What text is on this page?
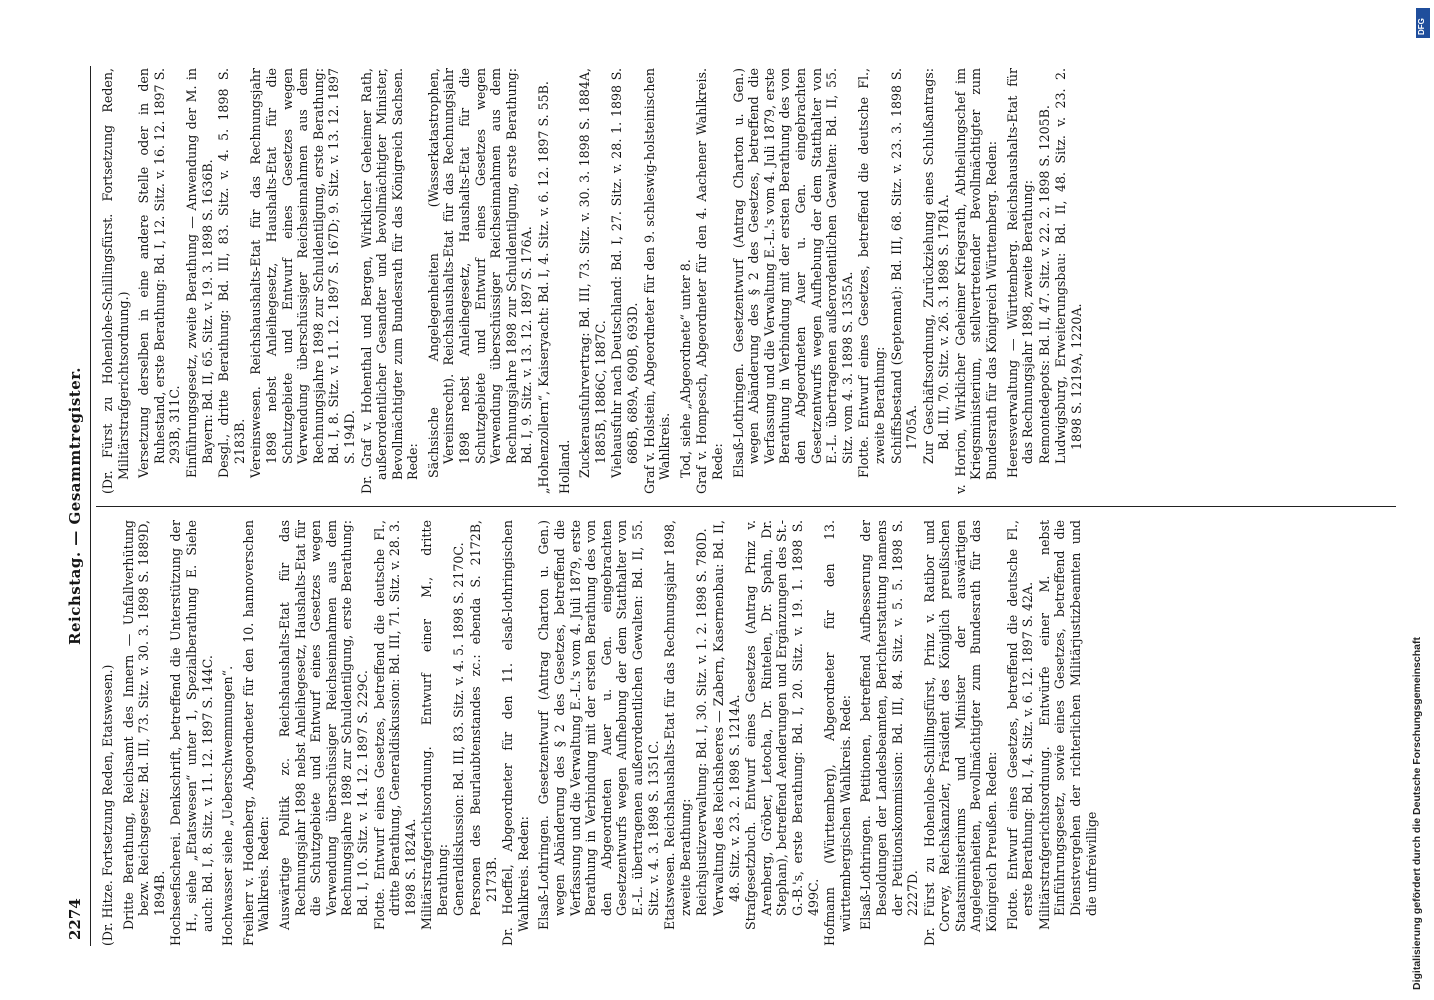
2274
Reichstag. — Gesammtregister.
(Dr. Hitze. Fortsetzung Reden, Etatswesen.) Dritte Berathung, Reichsamt des Innern — Unfallverhütung bezw. Reichsgesetz: Bd. III, 73. Sitz. v. 30. 3. 1898 S. 1889D, 1894B. Hochseefischerei. Denkschrift, betreffend die Unterstützung der H., siehe „Etatswesen“ unter 1, Spezialberathung E. Siehe auch: Bd. I, 8. Sitz. v. 11. 12. 1897 S. 144C. Hochwasser siehe „Ueberschwemmungen“. Freiherr v. Hodenberg, Abgeordneter für den 10. hannoverschen Wahlkreis. Reden: Auswärtige Politik zc. Reichshaushalts-Etat für das Rechnungsjahr 1898 nebst Anleihegesetz, Haushalts-Etat für die Schutzgebiete und Entwurf eines Gesetzes wegen Verwendung überschüssiger Reichseinnahmen aus dem Rechnungsjahre 1898 zur Schuldentilgung, erste Berathung: Bd. I, 10. Sitz. v. 14. 12. 1897 S. 229C. Flotte. Entwurf eines Gesetzes, betreffend die deutsche Fl., dritte Berathung, Generaldiskussion: Bd. III, 71. Sitz. v. 28. 3. 1898 S. 1824A. Militärstrafgerichtsordnung. Entwurf einer M., dritte Berathung: Generaldiskussion: Bd. III, 83. Sitz. v. 4. 5. 1898 S. 2170C. Personen des Beurlaubtenstandes zc.: ebenda S. 2172B, 2173B. Dr. Hoeffel, Abgeordneter für den 11. elsaß-lothringischen Wahlkreis. Reden: Elsaß-Lothringen. Gesetzentwurf (Antrag Charton u. Gen.) wegen Abänderung des § 2 des Gesetzes, betreffend die Verfassung und die Verwaltung E.-L.'s vom 4. Juli 1879, erste Berathung in Verbindung mit der ersten Berathung des von den Abgeordneten Auer u. Gen. eingebrachten Gesetzentwurfs wegen Aufhebung der dem Statthalter von E.-L. übertragenen außerordentlichen Gewalten: Bd. II, 55. Sitz. v. 4. 3. 1898 S. 1351C. Etatswesen. Reichshaushalts-Etat für das Rechnungsjahr 1898, zweite Berathung: Reichsjustizverwaltung: Bd. I, 30. Sitz. v. 1. 2. 1898 S. 780D. Verwaltung des Reichsheeres — Zabern, Kasernenbau: Bd. II, 48. Sitz. v. 23. 2. 1898 S. 1214A. Strafgesetzbuch. Entwurf eines Gesetzes (Antrag Prinz v. Arenberg, Gröber, Letocha, Dr. Rintelen, Dr. Spahn, Dr. Stephan), betreffend Aenderungen und Ergänzungen des St.-G.-B.'s, erste Berathung: Bd. I, 20. Sitz. v. 19. 1. 1898 S. 499C. Hofmann (Württemberg), Abgeordneter für den 13. württembergischen Wahlkreis. Rede: Elsaß-Lothringen. Petitionen, betreffend Aufbesserung der Besoldungen der Landesbeamten, Berichterstattung namens der Petitionskommission: Bd. III, 84. Sitz. v. 5. 5. 1898 S. 2227D. Dr. Fürst zu Hohenlohe-Schillingsfürst, Prinz v. Ratibor und Corvey, Reichskanzler, Präsident des Königlich preußischen Staatsministeriums und Minister der auswärtigen Angelegenheiten, Bevollmächtigter zum Bundesrath für das Königreich Preußen. Reden: Flotte. Entwurf eines Gesetzes, betreffend die deutsche Fl., erste Berathung: Bd. I, 4. Sitz. v. 6. 12. 1897 S. 42A. Militärstrafgerichtsordnung. Entwürfe einer M. nebst Einführungsgesetz, sowie eines Gesetzes, betreffend die Dienstvergehen der richterlichen Militärjustizbeamten und die unfreiwillige
(Dr. Fürst zu Hohenlohe-Schillingsfürst. Fortsetzung Reden, Militärstrafgerichtsordnung.) Versetzung derselben in eine andere Stelle oder in den Ruhestand, erste Berathung: Bd. I, 12. Sitz. v. 16. 12. 1897 S. 293B, 311C. Einführungsgesetz, zweite Berathung — Anwendung der M. in Bayern: Bd. II, 65. Sitz. v. 19. 3. 1898 S. 1636B. Desgl., dritte Berathung: Bd. III, 83. Sitz. v. 4. 5. 1898 S. 2183B. Vereinswesen. Reichshaushalts-Etat für das Rechnungsjahr 1898 nebst Anleihegesetz, Haushalts-Etat für die Schutzgebiete und Entwurf eines Gesetzes wegen Verwendung überschüssiger Reichseinnahmen aus dem Rechnungsjahre 1898 zur Schuldentilgung, erste Berathung: Bd. I, 8. Sitz. v. 11. 12. 1897 S. 167D; 9. Sitz. v. 13. 12. 1897 S. 194D. Dr. Graf v. Hohenthal und Bergen, Wirklicher Geheimer Rath, außerordentlicher Gesandter und bevollmächtigter Minister, Bevollmächtigter zum Bundesrath für das Königreich Sachsen. Rede: Sächsische Angelegenheiten (Wasserkatastrophen, Vereinsrecht). Reichshaushalts-Etat für das Rechnungsjahr 1898 nebst Anleihegesetz, Haushalts-Etat für die Schutzgebiete und Entwurf eines Gesetzes wegen Verwendung überschüssiger Reichseinnahmen aus dem Rechnungsjahre 1898 zur Schuldentilgung, erste Berathung: Bd. I, 9. Sitz. v. 13. 12. 1897 S. 176A. „Hohenzollern“, Kaiseryacht: Bd. I, 4. Sitz. v. 6. 12. 1897 S. 55B. Holland. Zuckerausfuhrvertrag: Bd. III, 73. Sitz. v. 30. 3. 1898 S. 1884A, 1885B, 1886C, 1887C. Viehausfuhr nach Deutschland: Bd. I, 27. Sitz. v. 28. 1. 1898 S. 686B, 689A, 690B, 693D. Graf v. Holstein, Abgeordneter für den 9. schleswig-holsteinischen Wahlkreis. Tod, siehe „Abgeordnete“ unter 8. Graf v. Hompesch, Abgeordneter für den 4. Aachener Wahlkreis. Rede: Elsaß-Lothringen. Gesetzentwurf (Antrag Charton u. Gen.) wegen Abänderung des § 2 des Gesetzes, betreffend die Verfassung und die Verwaltung E.-L.'s vom 4. Juli 1879, erste Berathung in Verbindung mit der ersten Berathung des von den Abgeordneten Auer u. Gen. eingebrachten Gesetzentwurfs wegen Aufhebung der dem Statthalter von E.-L. übertragenen außerordentlichen Gewalten: Bd. II, 55. Sitz. vom 4. 3. 1898 S. 1355A. Flotte. Entwurf eines Gesetzes, betreffend die deutsche Fl., zweite Berathung: Schiffsbestand (Septennat): Bd. III, 68. Sitz. v. 23. 3. 1898 S. 1705A. Zur Geschäftsordnung, Zurückziehung eines Schlußantrags: Bd. III, 70. Sitz. v. 26. 3. 1898 S. 1781A. v. Horion, Wirklicher Geheimer Kriegsrath, Abtheilungschef im Kriegsministerium, stellvertretender Bevollmächtigter zum Bundesrath für das Königreich Württemberg. Reden: Heeresverwaltung — Württemberg. Reichshaushalts-Etat für das Rechnungsjahr 1898, zweite Berathung: Remontedepots: Bd. II, 47. Sitz. v. 22. 2. 1898 S. 1205B. Ludwigsburg, Erweiterungsbau: Bd. II, 48. Sitz. v. 23. 2. 1898 S. 1219A, 1220A.
Digitalisierung gefördert durch die Deutsche Forschungsgemeinschaft
DFG
